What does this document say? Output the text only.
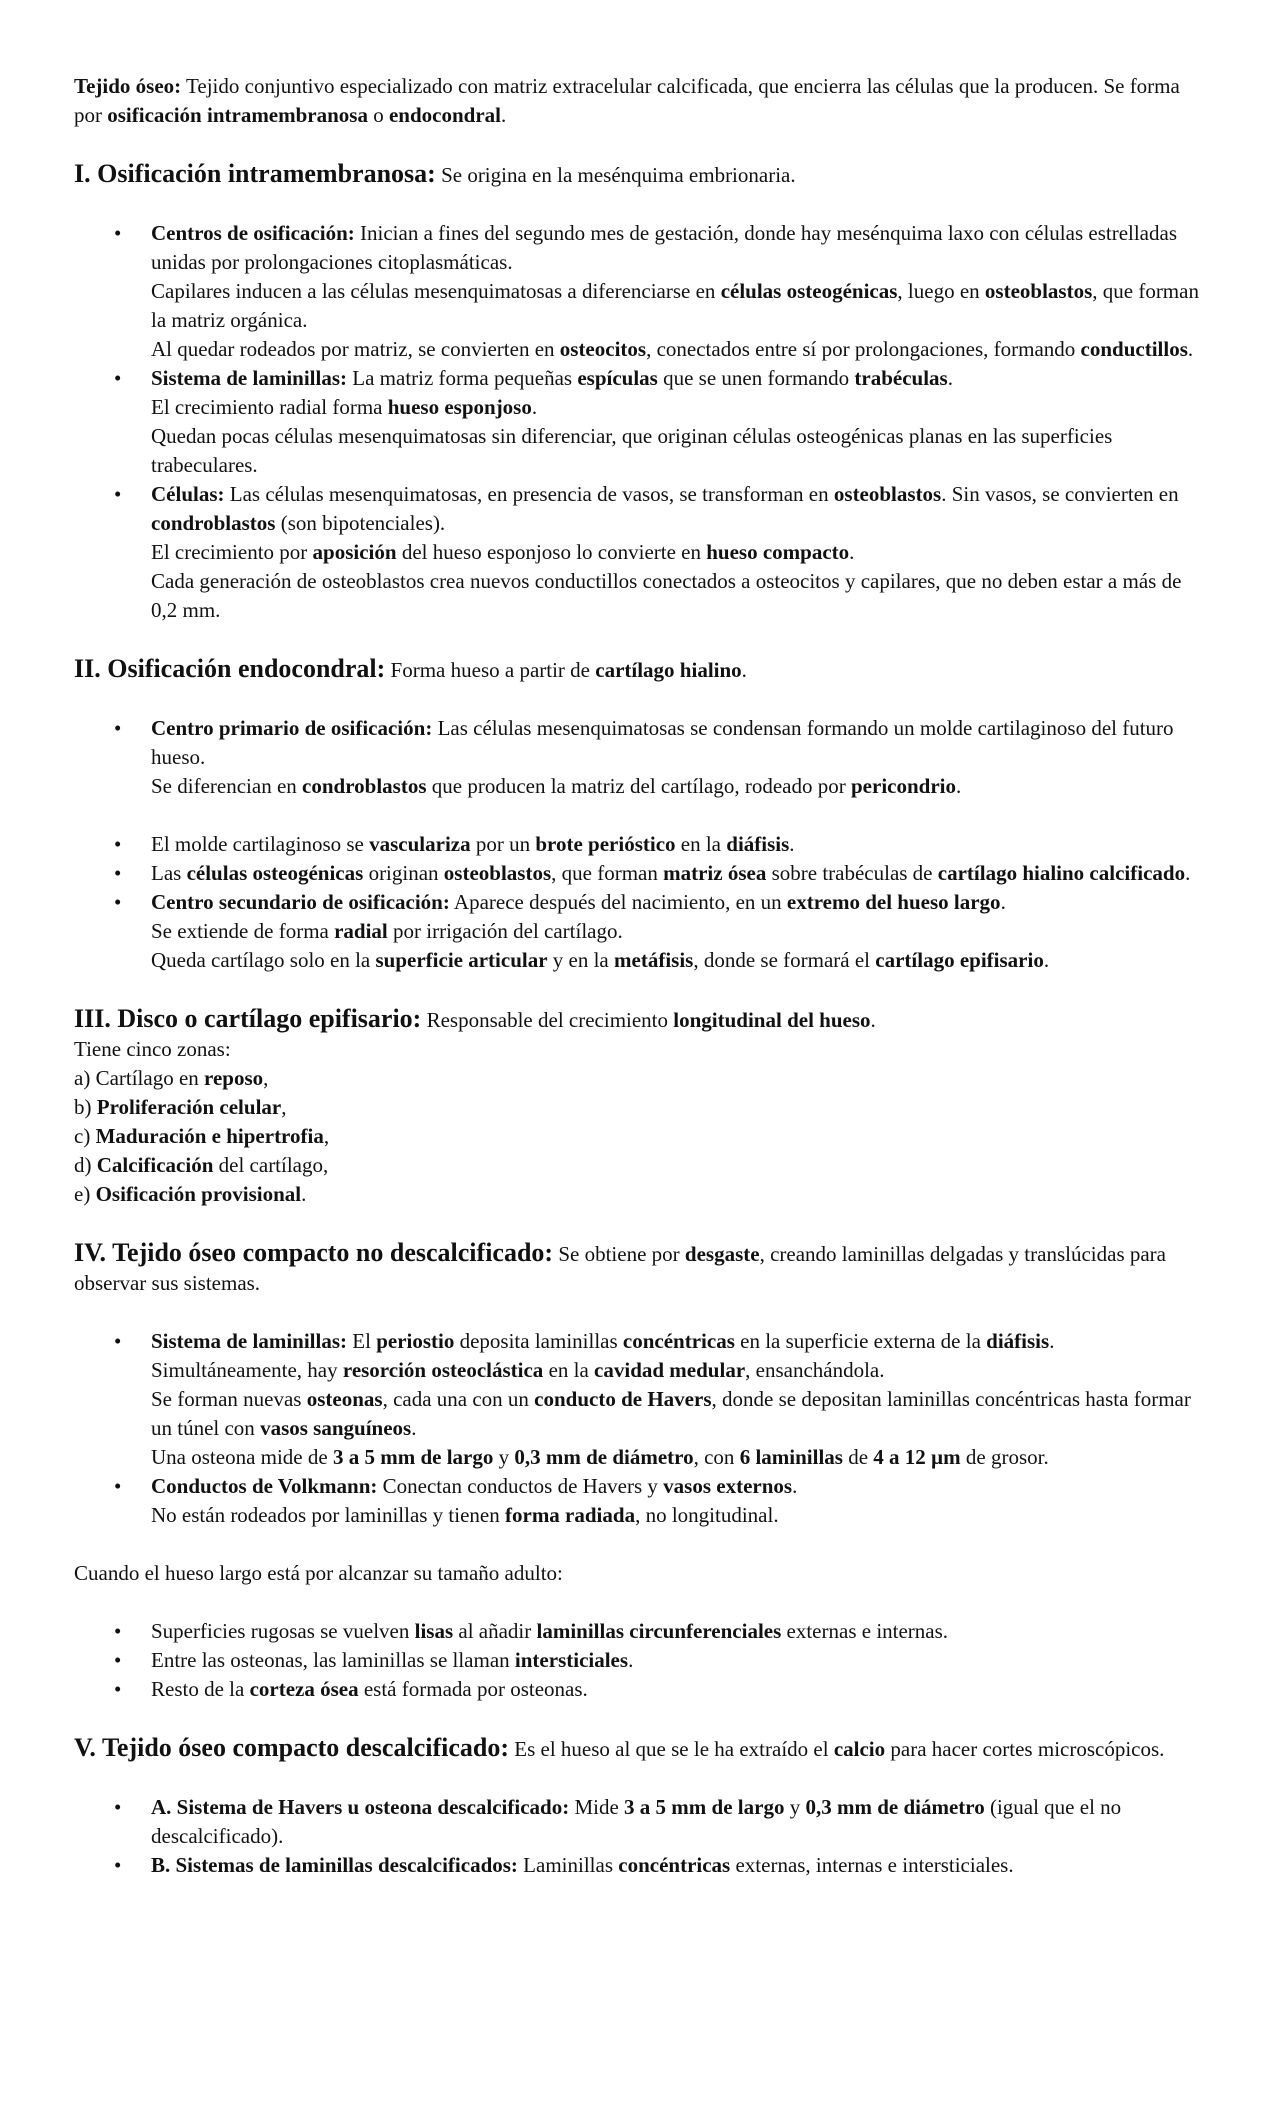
Tejido óseo: Tejido conjuntivo especializado con matriz extracelular calcificada, que encierra las células que la producen. Se forma por osificación intramembranosa o endocondral.

I. Osificación intramembranosa: Se origina en la mesénquima embrionaria.

• Centros de osificación: Inician a fines del segundo mes de gestación, donde hay mesénquima laxo con células estrelladas unidas por prolongaciones citoplasmáticas.
Capilares inducen a las células mesenquimatosas a diferenciarse en células osteogénicas, luego en osteoblastos, que forman la matriz orgánica.
Al quedar rodeados por matriz, se convierten en osteocitos, conectados entre sí por prolongaciones, formando conductillos.
• Sistema de laminillas: La matriz forma pequeñas espículas que se unen formando trabéculas.
El crecimiento radial forma hueso esponjoso.
Quedan pocas células mesenquimatosas sin diferenciar, que originan células osteogénicas planas en las superficies trabeculares.
• Células: Las células mesenquimatosas, en presencia de vasos, se transforman en osteoblastos. Sin vasos, se convierten en condroblastos (son bipotenciales).
El crecimiento por aposición del hueso esponjoso lo convierte en hueso compacto.
Cada generación de osteoblastos crea nuevos conductillos conectados a osteocitos y capilares, que no deben estar a más de 0,2 mm.

II. Osificación endocondral: Forma hueso a partir de cartílago hialino.

• Centro primario de osificación: Las células mesenquimatosas se condensan formando un molde cartilaginoso del futuro hueso.
Se diferencian en condroblastos que producen la matriz del cartílago, rodeado por pericondrio.
• El molde cartilaginoso se vasculariza por un brote perióstico en la diáfisis.
• Las células osteogénicas originan osteoblastos, que forman matriz ósea sobre trabéculas de cartílago hialino calcificado.
• Centro secundario de osificación: Aparece después del nacimiento, en un extremo del hueso largo.
Se extiende de forma radial por irrigación del cartílago.
Queda cartílago solo en la superficie articular y en la metáfisis, donde se formará el cartílago epifisario.

III. Disco o cartílago epifisario: Responsable del crecimiento longitudinal del hueso.

Tiene cinco zonas:

a) Cartílago en reposo,

b) Proliferación celular,

c) Maduración e hipertrofia,

d) Calcificación del cartílago,

e) Osificación provisional.

IV. Tejido óseo compacto no descalcificado: Se obtiene por desgaste, creando laminillas delgadas y translúcidas para observar sus sistemas.

• Sistema de laminillas: El periostio deposita laminillas concéntricas en la superficie externa de la diáfisis. Simultáneamente, hay resorción osteoclástica en la cavidad medular, ensanchándola.
Se forman nuevas osteonas, cada una con un conducto de Havers, donde se depositan laminillas concéntricas hasta formar un túnel con vasos sanguíneos.
Una osteona mide de 3 a 5 mm de largo y 0,3 mm de diámetro, con 6 laminillas de 4 a 12 µm de grosor.
• Conductos de Volkmann: Conectan conductos de Havers y vasos externos.
No están rodeados por laminillas y tienen forma radiada, no longitudinal.

Cuando el hueso largo está por alcanzar su tamaño adulto:

• Superficies rugosas se vuelven lisas al añadir laminillas circunferenciales externas e internas.
• Entre las osteonas, las laminillas se llaman intersticiales.
• Resto de la corteza ósea está formada por osteonas.

V. Tejido óseo compacto descalcificado: Es el hueso al que se le ha extraído el calcio para hacer cortes microscópicos.

• A. Sistema de Havers u osteona descalcificado: Mide 3 a 5 mm de largo y 0,3 mm de diámetro (igual que el no descalcificado).
• B. Sistemas de laminillas descalcificados: Laminillas concéntricas externas, internas e intersticiales.
